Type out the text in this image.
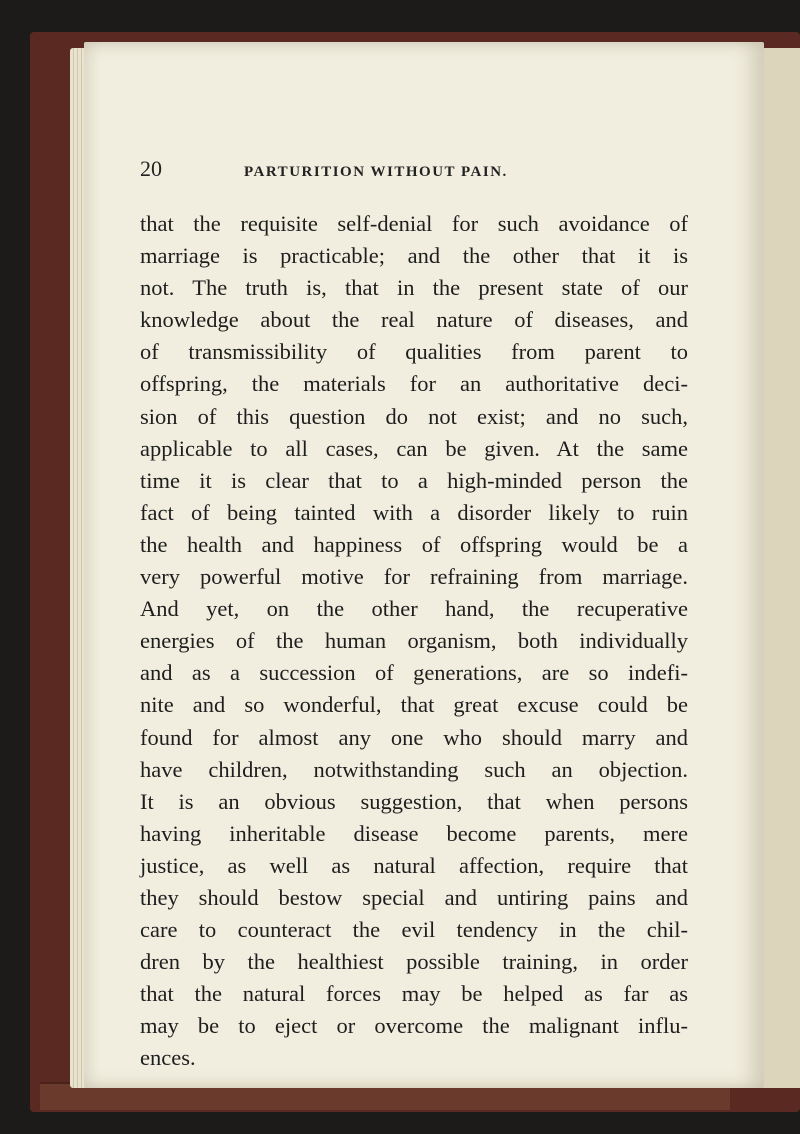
20	PARTURITION WITHOUT PAIN.
that the requisite self-denial for such avoidance of
marriage is practicable; and the other that it is
not. The truth is, that in the present state of our
knowledge about the real nature of diseases, and
of transmissibility of qualities from parent to
offspring, the materials for an authoritative deci-
sion of this question do not exist; and no such,
applicable to all cases, can be given. At the same
time it is clear that to a high-minded person the
fact of being tainted with a disorder likely to ruin
the health and happiness of offspring would be a
very powerful motive for refraining from marriage.
And yet, on the other hand, the recuperative
energies of the human organism, both individually
and as a succession of generations, are so indefi-
nite and so wonderful, that great excuse could be
found for almost any one who should marry and
have children, notwithstanding such an objection.
It is an obvious suggestion, that when persons
having inheritable disease become parents, mere
justice, as well as natural affection, require that
they should bestow special and untiring pains and
care to counteract the evil tendency in the chil-
dren by the healthiest possible training, in order
that the natural forces may be helped as far as
may be to eject or overcome the malignant influ-
ences.
